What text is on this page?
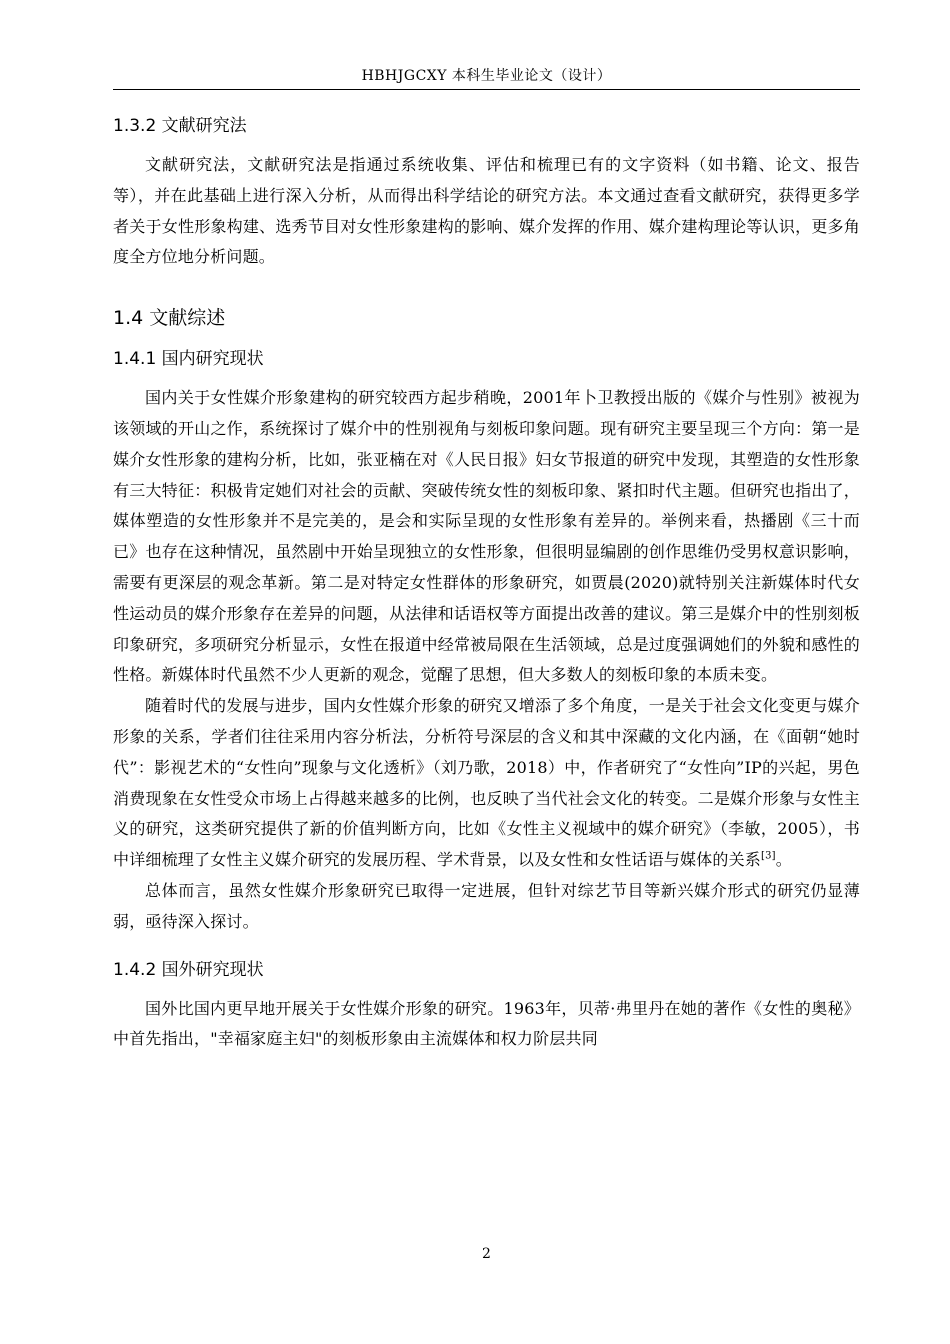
HBHJGCXY 本科生毕业论文（设计）
1.3.2 文献研究法

文献研究法，文献研究法是指通过系统收集、评估和梳理已有的文字资料（如书籍、论文、报告等），并在此基础上进行深入分析，从而得出科学结论的研究方法。本文通过查看文献研究，获得更多学者关于女性形象构建、选秀节目对女性形象建构的影响、媒介发挥的作用、媒介建构理论等认识，更多角度全方位地分析问题。

1.4 文献综述
1.4.1 国内研究现状

国内关于女性媒介形象建构的研究较西方起步稍晚，2001年卜卫教授出版的《媒介与性别》被视为该领域的开山之作，系统探讨了媒介中的性别视角与刻板印象问题。现有研究主要呈现三个方向：第一是媒介女性形象的建构分析，比如，张亚楠在对《人民日报》妇女节报道的研究中发现，其塑造的女性形象有三大特征：积极肯定她们对社会的贡献、突破传统女性的刻板印象、紧扣时代主题。但研究也指出了，媒体塑造的女性形象并不是完美的，是会和实际呈现的女性形象有差异的。举例来看，热播剧《三十而已》也存在这种情况，虽然剧中开始呈现独立的女性形象，但很明显编剧的创作思维仍受男权意识影响，需要有更深层的观念革新。第二是对特定女性群体的形象研究，如贾晨(2020)就特别关注新媒体时代女性运动员的媒介形象存在差异的问题，从法律和话语权等方面提出改善的建议。第三是媒介中的性别刻板印象研究，多项研究分析显示，女性在报道中经常被局限在生活领域，总是过度强调她们的外貌和感性的性格。新媒体时代虽然不少人更新的观念，觉醒了思想，但大多数人的刻板印象的本质未变。

随着时代的发展与进步，国内女性媒介形象的研究又增添了多个角度，一是关于社会文化变更与媒介形象的关系，学者们往往采用内容分析法，分析符号深层的含义和其中深藏的文化内涵，在《面朝“她时代”：影视艺术的“女性向”现象与文化透析》（刘乃歌，2018）中，作者研究了“女性向”IP的兴起，男色消费现象在女性受众市场上占得越来越多的比例，也反映了当代社会文化的转变。二是媒介形象与女性主义的研究，这类研究提供了新的价值判断方向，比如《女性主义视域中的媒介研究》（李敏，2005），书中详细梳理了女性主义媒介研究的发展历程、学术背景，以及女性和女性话语与媒体的关系[3]。

总体而言，虽然女性媒介形象研究已取得一定进展，但针对综艺节目等新兴媒介形式的研究仍显薄弱，亟待深入探讨。

1.4.2 国外研究现状

国外比国内更早地开展关于女性媒介形象的研究。1963年，贝蒂·弗里丹在她的著作《女性的奥秘》中首先指出，"幸福家庭主妇"的刻板形象由主流媒体和权力阶层共同

2
